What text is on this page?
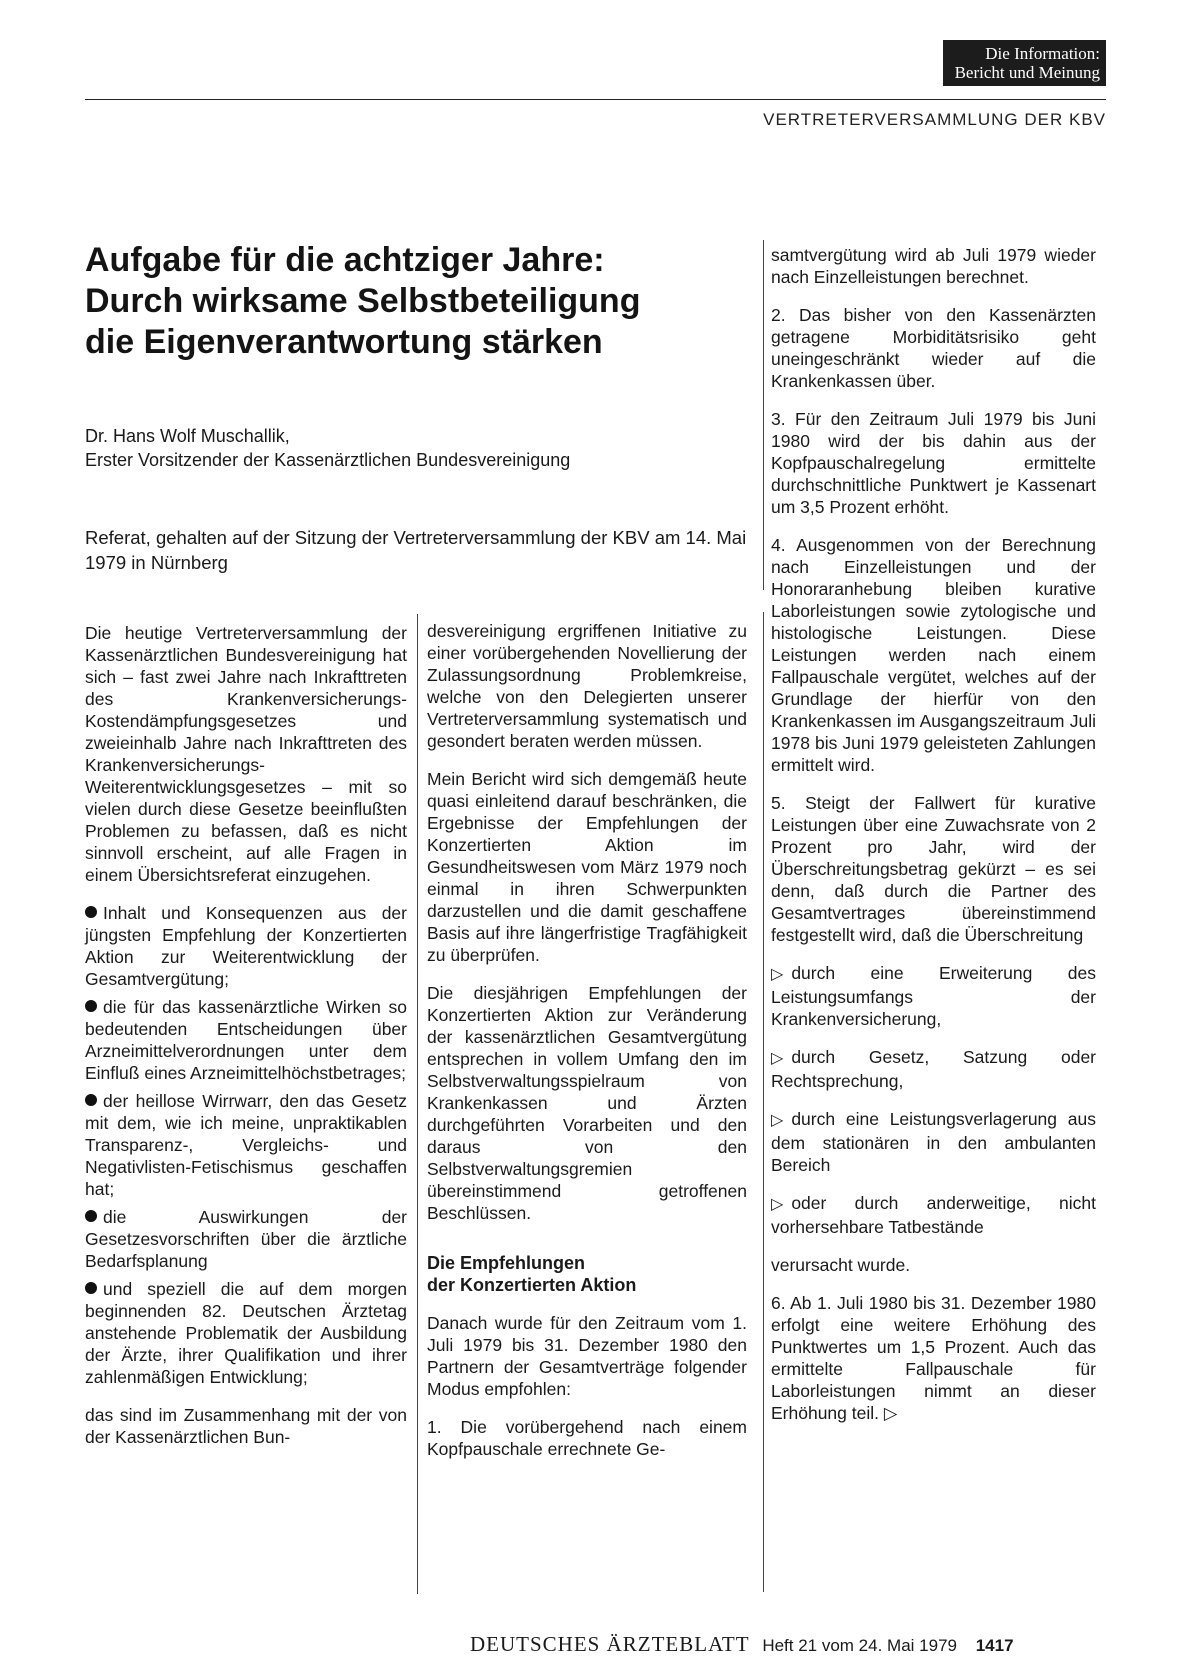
Die Information:
Bericht und Meinung
VERTRETERVERSAMMLUNG DER KBV
Aufgabe für die achtziger Jahre:
Durch wirksame Selbstbeteiligung
die Eigenverantwortung stärken
Dr. Hans Wolf Muschallik,
Erster Vorsitzender der Kassenärztlichen Bundesvereinigung
Referat, gehalten auf der Sitzung der Vertreterversammlung der KBV am 14. Mai 1979 in Nürnberg

Die heutige Vertreterversammlung der Kassenärztlichen Bundesvereinigung hat sich – fast zwei Jahre nach Inkrafttreten des Krankenversicherungs-Kostendämpfungsgesetzes und zweieinhalb Jahre nach Inkrafttreten des Krankenversicherungs-Weiterentwicklungsgesetzes – mit so vielen durch diese Gesetze beeinflußten Problemen zu befassen, daß es nicht sinnvoll erscheint, auf alle Fragen in einem Übersichtsreferat einzugehen.

Inhalt und Konsequenzen aus der jüngsten Empfehlung der Konzertierten Aktion zur Weiterentwicklung der Gesamtvergütung;

die für das kassenärztliche Wirken so bedeutenden Entscheidungen über Arzneimittelverordnungen unter dem Einfluß eines Arzneimittelhöchstbetrages;

der heillose Wirrwarr, den das Gesetz mit dem, wie ich meine, unpraktikablen Transparenz-, Vergleichs- und Negativlisten-Fetischismus geschaffen hat;

die Auswirkungen der Gesetzesvorschriften über die ärztliche Bedarfsplanung

und speziell die auf dem morgen beginnenden 82. Deutschen Ärztetag anstehende Problematik der Ausbildung der Ärzte, ihrer Qualifikation und ihrer zahlenmäßigen Entwicklung;

das sind im Zusammenhang mit der von der Kassenärztlichen Bun-

desvereinigung ergriffenen Initiative zu einer vorübergehenden Novellierung der Zulassungsordnung Problemkreise, welche von den Delegierten unserer Vertreterversammlung systematisch und gesondert beraten werden müssen.

Mein Bericht wird sich demgemäß heute quasi einleitend darauf beschränken, die Ergebnisse der Empfehlungen der Konzertierten Aktion im Gesundheitswesen vom März 1979 noch einmal in ihren Schwerpunkten darzustellen und die damit geschaffene Basis auf ihre längerfristige Tragfähigkeit zu überprüfen.

Die diesjährigen Empfehlungen der Konzertierten Aktion zur Veränderung der kassenärztlichen Gesamtvergütung entsprechen in vollem Umfang den im Selbstverwaltungsspielraum von Krankenkassen und Ärzten durchgeführten Vorarbeiten und den daraus von den Selbstverwaltungsgremien übereinstimmend getroffenen Beschlüssen.

Die Empfehlungen
der Konzertierten Aktion

Danach wurde für den Zeitraum vom 1. Juli 1979 bis 31. Dezember 1980 den Partnern der Gesamtverträge folgender Modus empfohlen:

1. Die vorübergehend nach einem Kopfpauschale errechnete Ge-

samtvergütung wird ab Juli 1979 wieder nach Einzelleistungen berechnet.

2. Das bisher von den Kassenärzten getragene Morbiditätsrisiko geht uneingeschränkt wieder auf die Krankenkassen über.

3. Für den Zeitraum Juli 1979 bis Juni 1980 wird der bis dahin aus der Kopfpauschalregelung ermittelte durchschnittliche Punktwert je Kassenart um 3,5 Prozent erhöht.

4. Ausgenommen von der Berechnung nach Einzelleistungen und der Honoraranhebung bleiben kurative Laborleistungen sowie zytologische und histologische Leistungen. Diese Leistungen werden nach einem Fallpauschale vergütet, welches auf der Grundlage der hierfür von den Krankenkassen im Ausgangszeitraum Juli 1978 bis Juni 1979 geleisteten Zahlungen ermittelt wird.

5. Steigt der Fallwert für kurative Leistungen über eine Zuwachsrate von 2 Prozent pro Jahr, wird der Überschreitungsbetrag gekürzt – es sei denn, daß durch die Partner des Gesamtvertrages übereinstimmend festgestellt wird, daß die Überschreitung

▷ durch eine Erweiterung des Leistungsumfangs der Krankenversicherung,

▷ durch Gesetz, Satzung oder Rechtsprechung,

▷ durch eine Leistungsverlagerung aus dem stationären in den ambulanten Bereich

▷ oder durch anderweitige, nicht vorhersehbare Tatbestände

verursacht wurde.

6. Ab 1. Juli 1980 bis 31. Dezember 1980 erfolgt eine weitere Erhöhung des Punktwertes um 1,5 Prozent. Auch das ermittelte Fallpauschale für Laborleistungen nimmt an dieser Erhöhung teil. ▷

DEUTSCHES ÄRZTEBLATT Heft 21 vom 24. Mai 1979 1417
